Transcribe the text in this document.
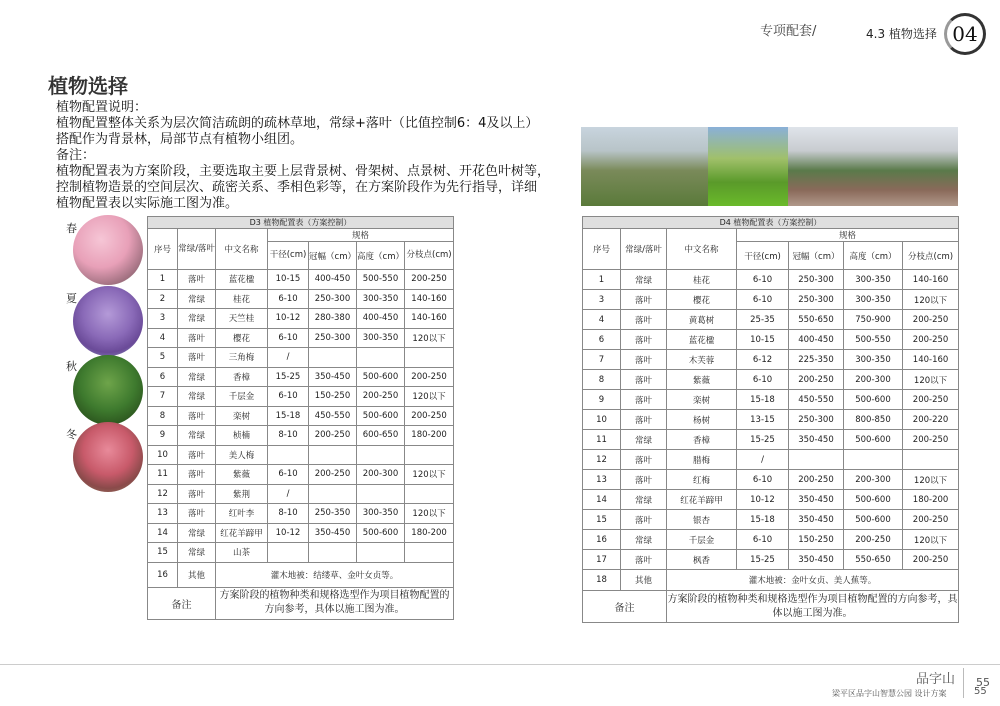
专项配套/	4.3 植物选择 04
植物选择
植物配置说明：
植物配置整体关系为层次简洁疏朗的疏林草地，常绿+落叶（比值控制6：4及以上）
搭配作为背景林，局部节点有植物小组团。
备注：
植物配置表为方案阶段，主要选取主要上层背景树、骨架树、点景树、开花色叶树等，
控制植物造景的空间层次、疏密关系、季相色彩等，在方案阶段作为先行指导，详细
植物配置表以实际施工图为准。
春
夏
秋
冬
D3 植物配置表（方案控制）						
序号	常绿/落叶	中文名称	规格			
			干径(cm)	冠幅（cm）	高度（cm）	分枝点(cm)
1	落叶	蓝花楹	10-15	400-450	500-550	200-250
2	常绿	桂花	6-10	250-300	300-350	140-160
3	常绿	天竺桂	10-12	280-380	400-450	140-160
4	落叶	樱花	6-10	250-300	300-350	120以下
5	落叶	三角梅	/			
6	常绿	香樟	15-25	350-450	500-600	200-250
7	常绿	千层金	6-10	150-250	200-250	120以下
8	落叶	栾树	15-18	450-550	500-600	200-250
9	常绿	桢楠	8-10	200-250	600-650	180-200
10	落叶	美人梅				
11	落叶	紫薇	6-10	200-250	200-300	120以下
12	落叶	紫荆	/			
13	落叶	红叶李	8-10	250-350	300-350	120以下
14	常绿	红花羊蹄甲	10-12	350-450	500-600	180-200
15	常绿	山茶				
16	其他	灌木地被：结缕草、金叶女贞等。				
备注		方案阶段的植物种类和规格选型作为项目植物配置的方向参考，具体以施工图为准。				
D4 植物配置表（方案控制）						
序号	常绿/落叶	中文名称	规格			
			干径(cm)	冠幅（cm）	高度（cm）	分枝点(cm)
1	常绿	桂花	6-10	250-300	300-350	140-160
3	落叶	樱花	6-10	250-300	300-350	120以下
4	落叶	黄葛树	25-35	550-650	750-900	200-250
6	落叶	蓝花楹	10-15	400-450	500-550	200-250
7	落叶	木芙蓉	6-12	225-350	300-350	140-160
8	落叶	紫薇	6-10	200-250	200-300	120以下
9	落叶	栾树	15-18	450-550	500-600	200-250
10	落叶	杨树	13-15	250-300	800-850	200-220
11	常绿	香樟	15-25	350-450	500-600	200-250
12	落叶	腊梅	/			
13	落叶	红梅	6-10	200-250	200-300	120以下
14	常绿	红花羊蹄甲	10-12	350-450	500-600	180-200
15	落叶	银杏	15-18	350-450	500-600	200-250
16	常绿	千层金	6-10	150-250	200-250	120以下
17	落叶	枫香	15-25	350-450	550-650	200-250
18	其他	灌木地被：金叶女贞、美人蕉等。				
备注		方案阶段的植物种类和规格选型作为项目植物配置的方向参考，具体以施工图为准。				
品字山 55
55
梁平区品字山智慧公园 设计方案
